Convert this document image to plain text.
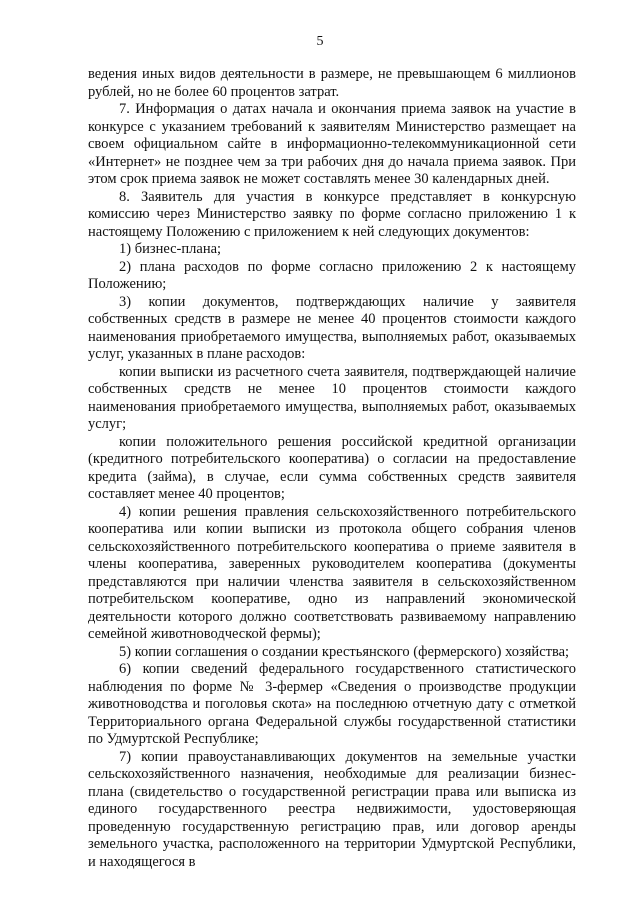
5

ведения иных видов деятельности в размере, не превышающем 6 миллионов рублей, но не более 60 процентов затрат.

7. Информация о датах начала и окончания приема заявок на участие в конкурсе с указанием требований к заявителям Министерство размещает на своем официальном сайте в информационно-телекоммуникационной сети «Интернет» не позднее чем за три рабочих дня до начала приема заявок. При этом срок приема заявок не может составлять менее 30 календарных дней.

8. Заявитель для участия в конкурсе представляет в конкурсную комиссию через Министерство заявку по форме согласно приложению 1 к настоящему Положению с приложением к ней следующих документов:

1) бизнес-плана;

2) плана расходов по форме согласно приложению 2 к настоящему Положению;

3) копии документов, подтверждающих наличие у заявителя собственных средств в размере не менее 40 процентов стоимости каждого наименования приобретаемого имущества, выполняемых работ, оказываемых услуг, указанных в плане расходов:

копии выписки из расчетного счета заявителя, подтверждающей наличие собственных средств не менее 10 процентов стоимости каждого наименования приобретаемого имущества, выполняемых работ, оказываемых услуг;

копии положительного решения российской кредитной организации (кредитного потребительского кооператива) о согласии на предоставление кредита (займа), в случае, если сумма собственных средств заявителя составляет менее 40 процентов;

4) копии решения правления сельскохозяйственного потребительского кооператива или копии выписки из протокола общего собрания членов сельскохозяйственного потребительского кооператива о приеме заявителя в члены кооператива, заверенных руководителем кооператива (документы представляются при наличии членства заявителя в сельскохозяйственном потребительском кооперативе, одно из направлений экономической деятельности которого должно соответствовать развиваемому направлению семейной животноводческой фермы);

5) копии соглашения о создании крестьянского (фермерского) хозяйства;

6) копии сведений федерального государственного статистического наблюдения по форме № 3-фермер «Сведения о производстве продукции животноводства и поголовья скота» на последнюю отчетную дату с отметкой Территориального органа Федеральной службы государственной статистики по Удмуртской Республике;

7) копии правоустанавливающих документов на земельные участки сельскохозяйственного назначения, необходимые для реализации бизнес-плана (свидетельство о государственной регистрации права или выписка из единого государственного реестра недвижимости, удостоверяющая проведенную государственную регистрацию прав, или договор аренды земельного участка, расположенного на территории Удмуртской Республики, и находящегося в
